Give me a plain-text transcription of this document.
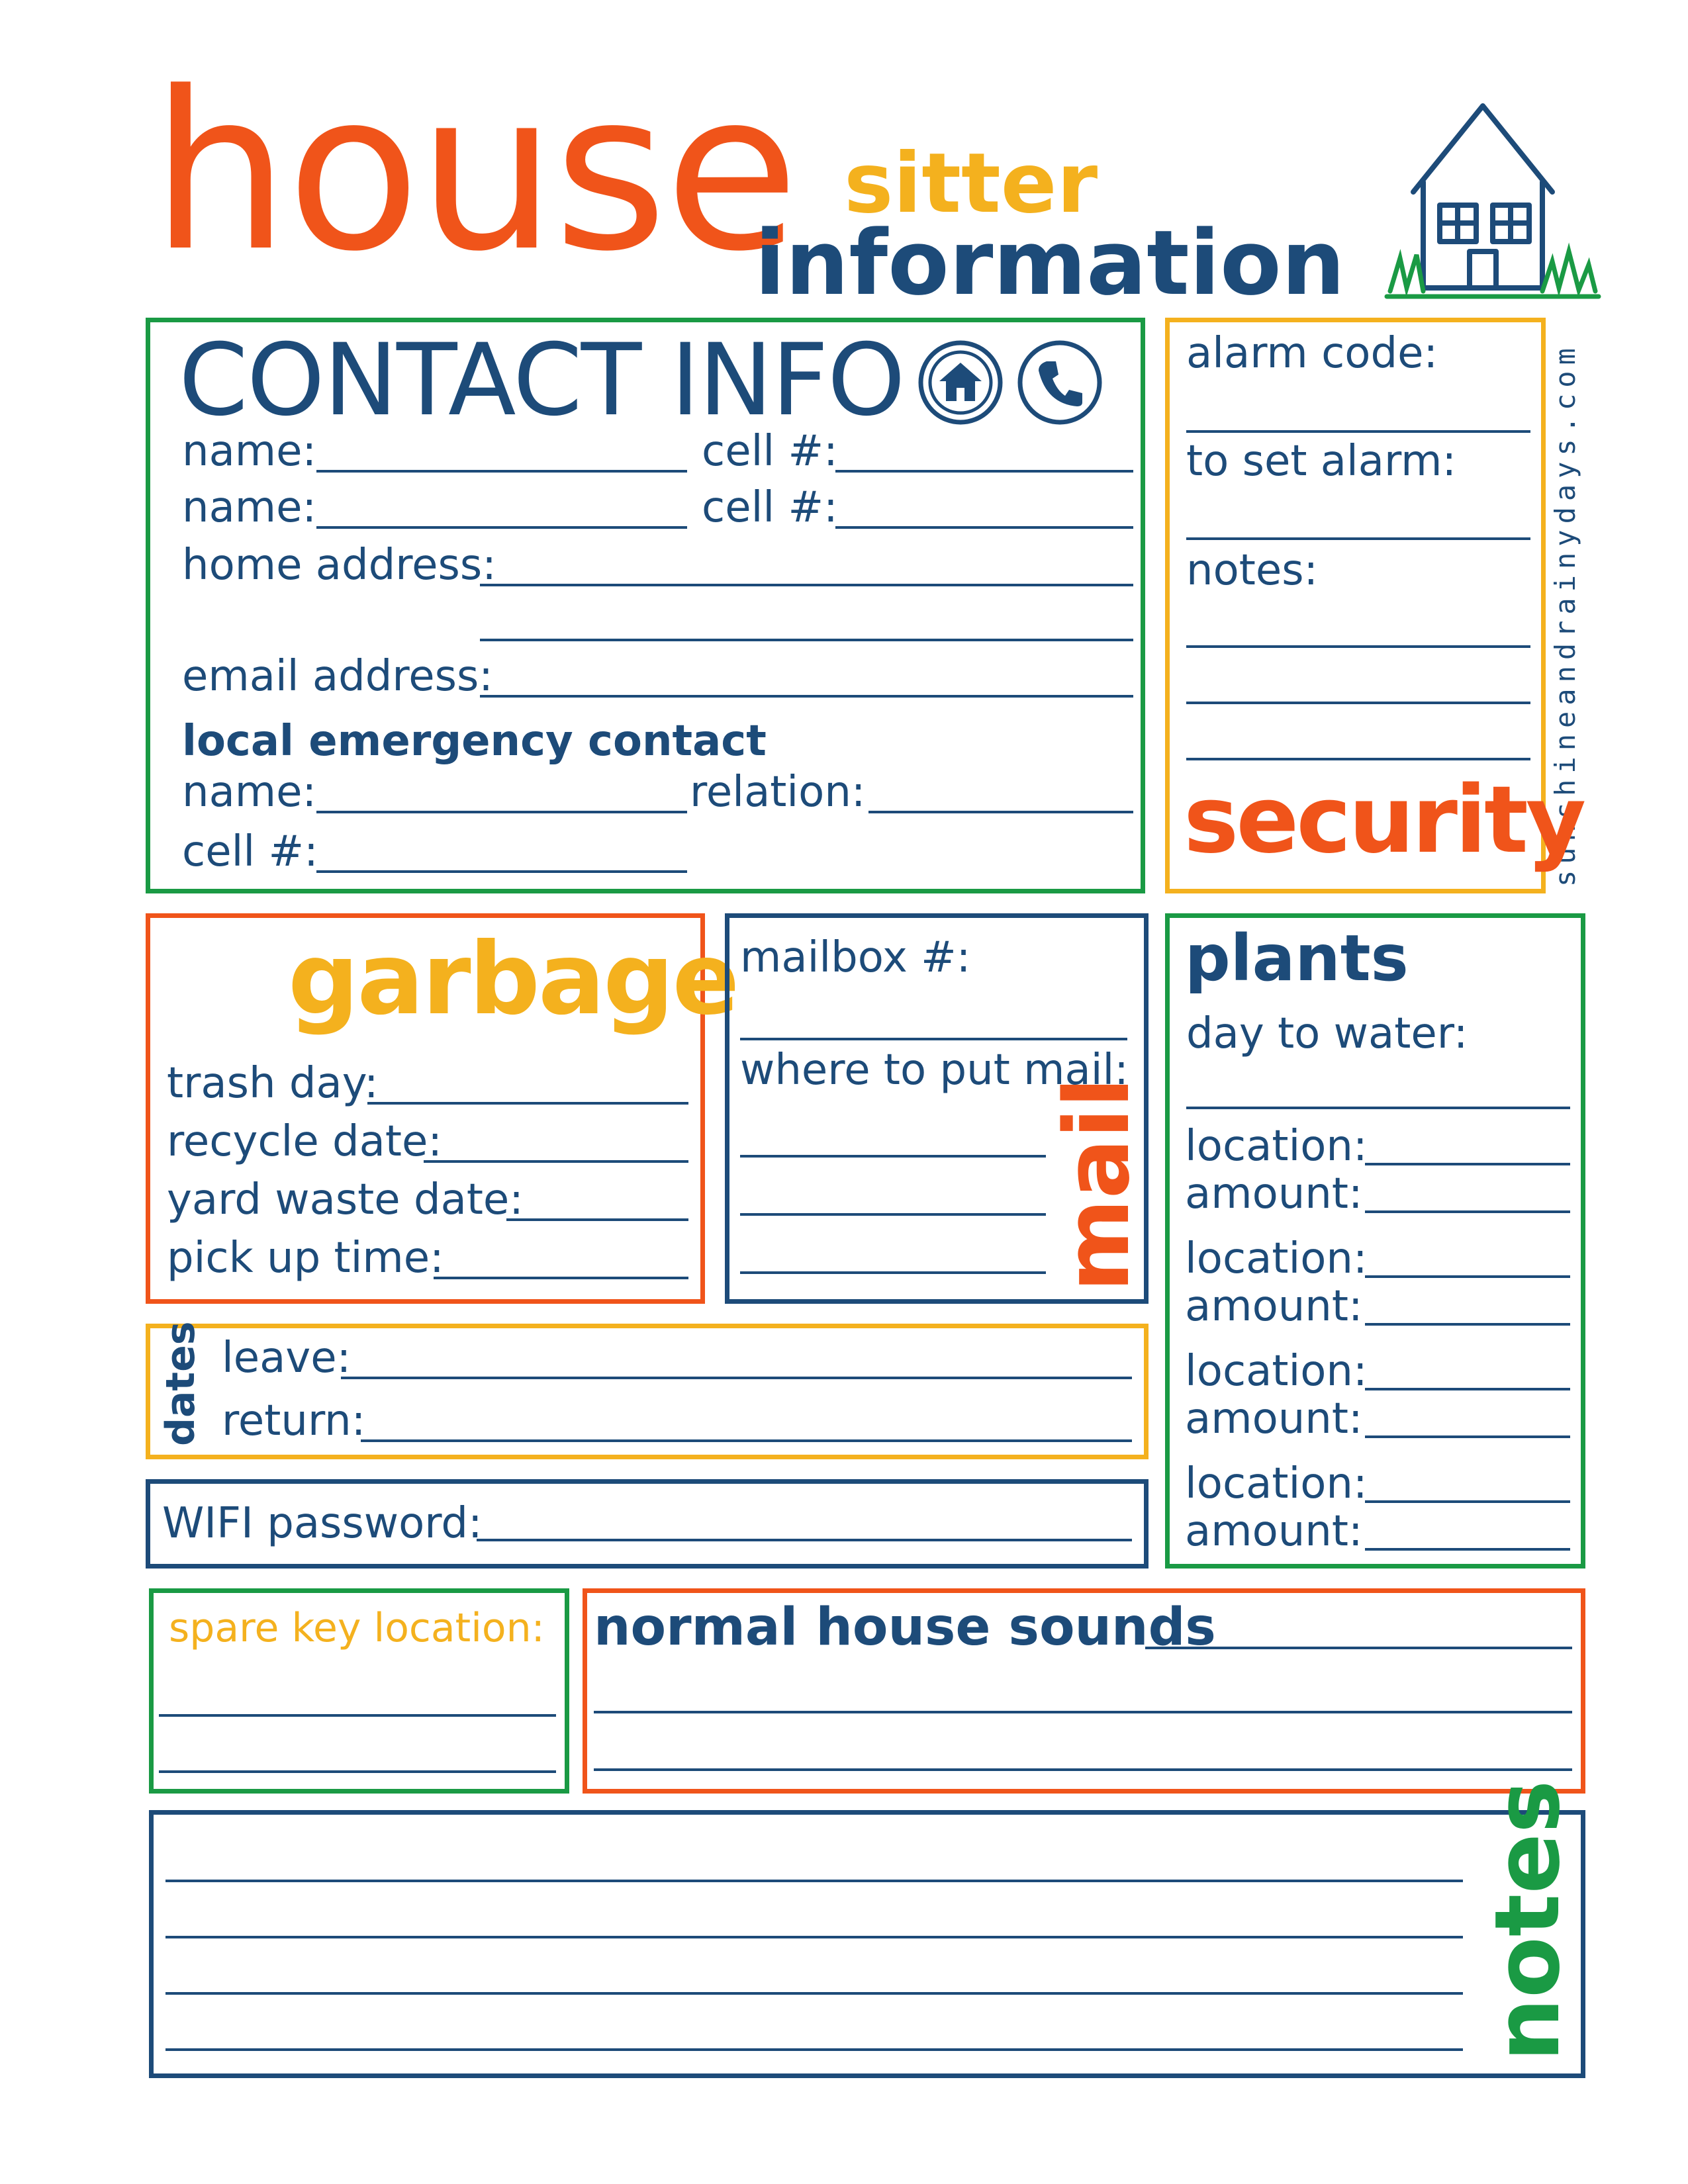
house sitter
information
sunshineandrainydays.com
CONTACT INFO
name:	cell #:
name:	cell #:
home address:
email address:
local emergency contact
name:	relation:
cell #:
alarm code:
to set alarm:
notes:
security
garbage
trash day:
recycle date:
yard waste date:
pick up time:
mailbox #:
where to put mail:
mail
plants
day to water:
location:
amount:
location:
amount:
location:
amount:
location:
amount:
dates leave:
return:
WIFI password:
spare key location: normal house sounds
notes
